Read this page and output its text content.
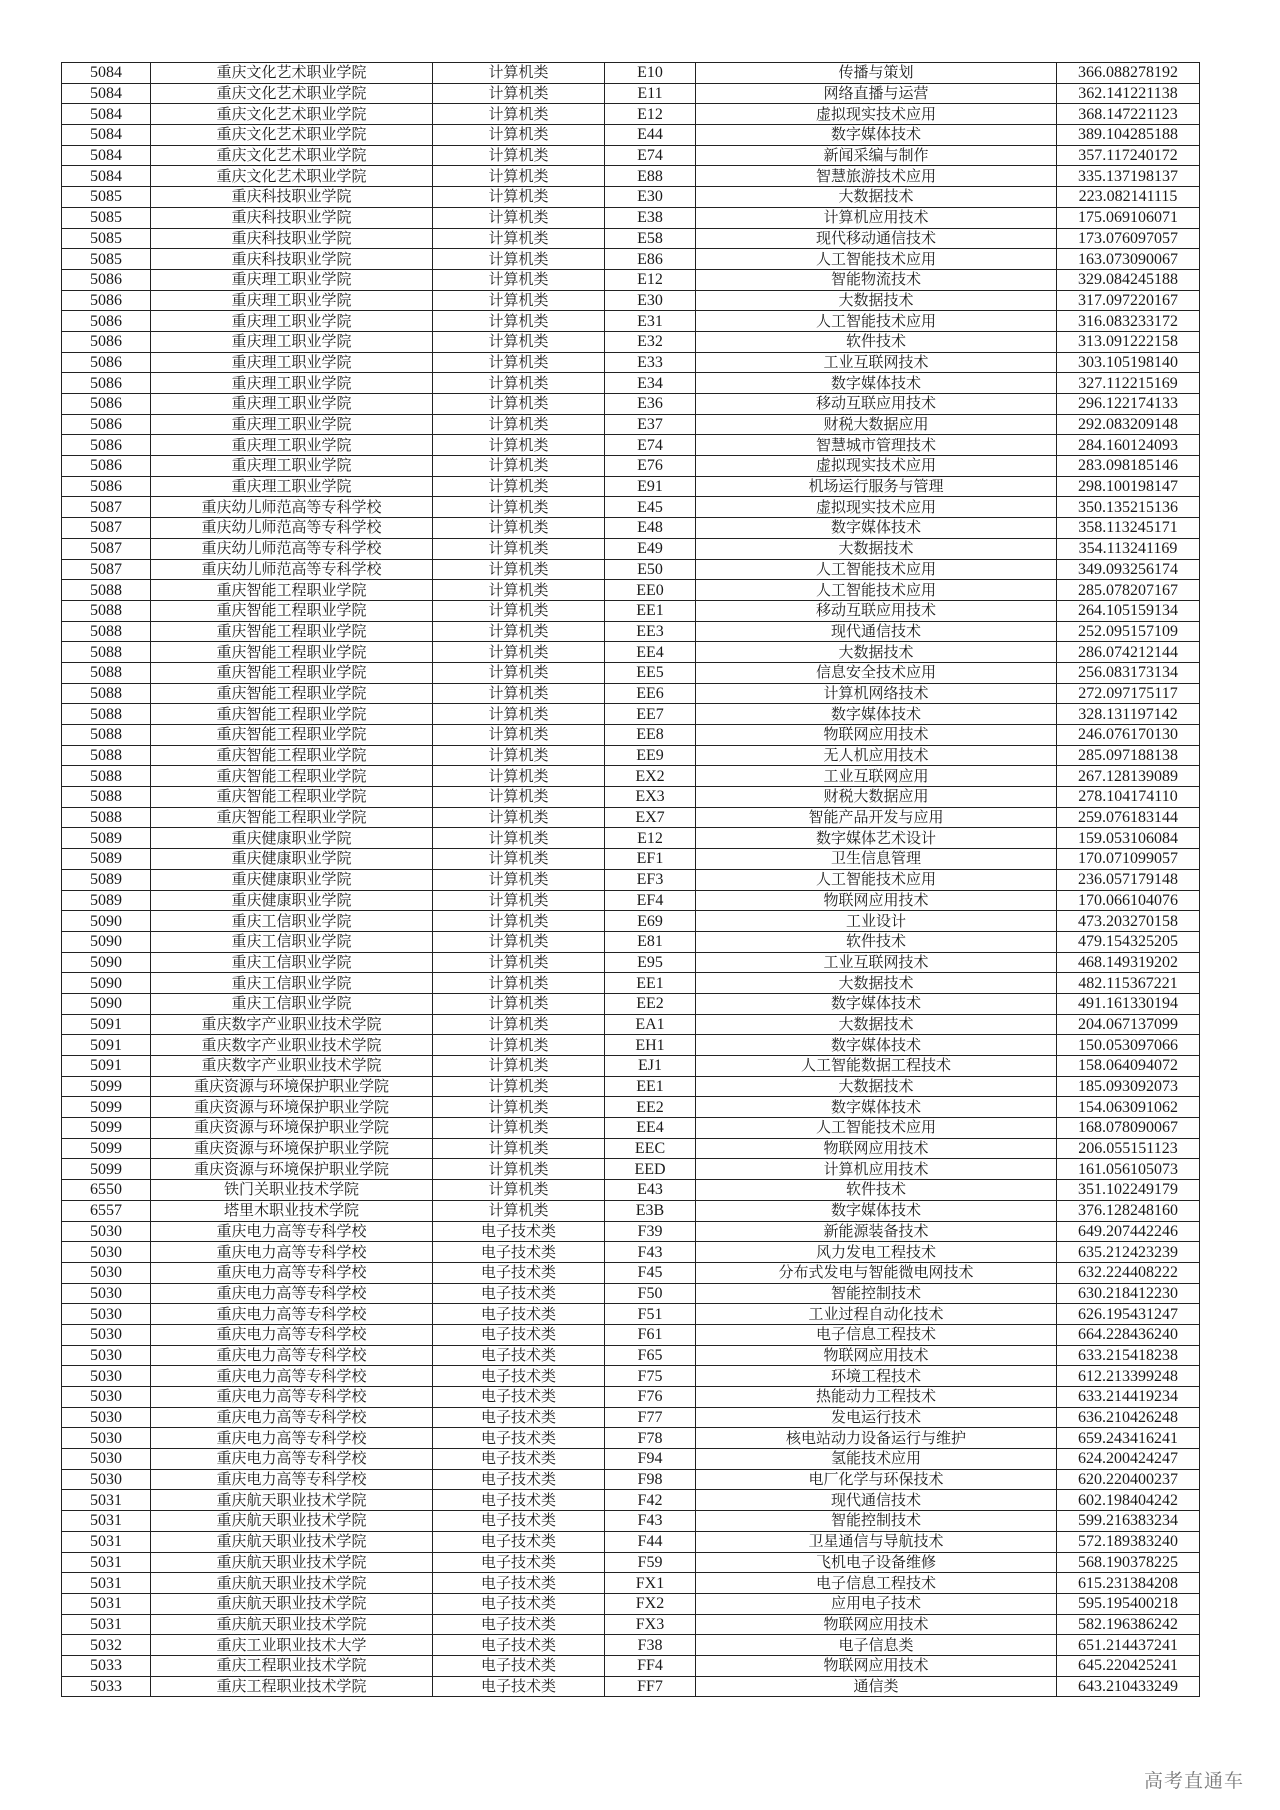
5084	重庆文化艺术职业学院	计算机类	E10	传播与策划	366.088278192
5084	重庆文化艺术职业学院	计算机类	E11	网络直播与运营	362.141221138
5084	重庆文化艺术职业学院	计算机类	E12	虚拟现实技术应用	368.147221123
5084	重庆文化艺术职业学院	计算机类	E44	数字媒体技术	389.104285188
5084	重庆文化艺术职业学院	计算机类	E74	新闻采编与制作	357.117240172
5084	重庆文化艺术职业学院	计算机类	E88	智慧旅游技术应用	335.137198137
5085	重庆科技职业学院	计算机类	E30	大数据技术	223.082141115
5085	重庆科技职业学院	计算机类	E38	计算机应用技术	175.069106071
5085	重庆科技职业学院	计算机类	E58	现代移动通信技术	173.076097057
5085	重庆科技职业学院	计算机类	E86	人工智能技术应用	163.073090067
5086	重庆理工职业学院	计算机类	E12	智能物流技术	329.084245188
5086	重庆理工职业学院	计算机类	E30	大数据技术	317.097220167
5086	重庆理工职业学院	计算机类	E31	人工智能技术应用	316.083233172
5086	重庆理工职业学院	计算机类	E32	软件技术	313.091222158
5086	重庆理工职业学院	计算机类	E33	工业互联网技术	303.105198140
5086	重庆理工职业学院	计算机类	E34	数字媒体技术	327.112215169
5086	重庆理工职业学院	计算机类	E36	移动互联应用技术	296.122174133
5086	重庆理工职业学院	计算机类	E37	财税大数据应用	292.083209148
5086	重庆理工职业学院	计算机类	E74	智慧城市管理技术	284.160124093
5086	重庆理工职业学院	计算机类	E76	虚拟现实技术应用	283.098185146
5086	重庆理工职业学院	计算机类	E91	机场运行服务与管理	298.100198147
5087	重庆幼儿师范高等专科学校	计算机类	E45	虚拟现实技术应用	350.135215136
5087	重庆幼儿师范高等专科学校	计算机类	E48	数字媒体技术	358.113245171
5087	重庆幼儿师范高等专科学校	计算机类	E49	大数据技术	354.113241169
5087	重庆幼儿师范高等专科学校	计算机类	E50	人工智能技术应用	349.093256174
5088	重庆智能工程职业学院	计算机类	EE0	人工智能技术应用	285.078207167
5088	重庆智能工程职业学院	计算机类	EE1	移动互联应用技术	264.105159134
5088	重庆智能工程职业学院	计算机类	EE3	现代通信技术	252.095157109
5088	重庆智能工程职业学院	计算机类	EE4	大数据技术	286.074212144
5088	重庆智能工程职业学院	计算机类	EE5	信息安全技术应用	256.083173134
5088	重庆智能工程职业学院	计算机类	EE6	计算机网络技术	272.097175117
5088	重庆智能工程职业学院	计算机类	EE7	数字媒体技术	328.131197142
5088	重庆智能工程职业学院	计算机类	EE8	物联网应用技术	246.076170130
5088	重庆智能工程职业学院	计算机类	EE9	无人机应用技术	285.097188138
5088	重庆智能工程职业学院	计算机类	EX2	工业互联网应用	267.128139089
5088	重庆智能工程职业学院	计算机类	EX3	财税大数据应用	278.104174110
5088	重庆智能工程职业学院	计算机类	EX7	智能产品开发与应用	259.076183144
5089	重庆健康职业学院	计算机类	E12	数字媒体艺术设计	159.053106084
5089	重庆健康职业学院	计算机类	EF1	卫生信息管理	170.071099057
5089	重庆健康职业学院	计算机类	EF3	人工智能技术应用	236.057179148
5089	重庆健康职业学院	计算机类	EF4	物联网应用技术	170.066104076
5090	重庆工信职业学院	计算机类	E69	工业设计	473.203270158
5090	重庆工信职业学院	计算机类	E81	软件技术	479.154325205
5090	重庆工信职业学院	计算机类	E95	工业互联网技术	468.149319202
5090	重庆工信职业学院	计算机类	EE1	大数据技术	482.115367221
5090	重庆工信职业学院	计算机类	EE2	数字媒体技术	491.161330194
5091	重庆数字产业职业技术学院	计算机类	EA1	大数据技术	204.067137099
5091	重庆数字产业职业技术学院	计算机类	EH1	数字媒体技术	150.053097066
5091	重庆数字产业职业技术学院	计算机类	EJ1	人工智能数据工程技术	158.064094072
5099	重庆资源与环境保护职业学院	计算机类	EE1	大数据技术	185.093092073
5099	重庆资源与环境保护职业学院	计算机类	EE2	数字媒体技术	154.063091062
5099	重庆资源与环境保护职业学院	计算机类	EE4	人工智能技术应用	168.078090067
5099	重庆资源与环境保护职业学院	计算机类	EEC	物联网应用技术	206.055151123
5099	重庆资源与环境保护职业学院	计算机类	EED	计算机应用技术	161.056105073
6550	铁门关职业技术学院	计算机类	E43	软件技术	351.102249179
6557	塔里木职业技术学院	计算机类	E3B	数字媒体技术	376.128248160
5030	重庆电力高等专科学校	电子技术类	F39	新能源装备技术	649.207442246
5030	重庆电力高等专科学校	电子技术类	F43	风力发电工程技术	635.212423239
5030	重庆电力高等专科学校	电子技术类	F45	分布式发电与智能微电网技术	632.224408222
5030	重庆电力高等专科学校	电子技术类	F50	智能控制技术	630.218412230
5030	重庆电力高等专科学校	电子技术类	F51	工业过程自动化技术	626.195431247
5030	重庆电力高等专科学校	电子技术类	F61	电子信息工程技术	664.228436240
5030	重庆电力高等专科学校	电子技术类	F65	物联网应用技术	633.215418238
5030	重庆电力高等专科学校	电子技术类	F75	环境工程技术	612.213399248
5030	重庆电力高等专科学校	电子技术类	F76	热能动力工程技术	633.214419234
5030	重庆电力高等专科学校	电子技术类	F77	发电运行技术	636.210426248
5030	重庆电力高等专科学校	电子技术类	F78	核电站动力设备运行与维护	659.243416241
5030	重庆电力高等专科学校	电子技术类	F94	氢能技术应用	624.200424247
5030	重庆电力高等专科学校	电子技术类	F98	电厂化学与环保技术	620.220400237
5031	重庆航天职业技术学院	电子技术类	F42	现代通信技术	602.198404242
5031	重庆航天职业技术学院	电子技术类	F43	智能控制技术	599.216383234
5031	重庆航天职业技术学院	电子技术类	F44	卫星通信与导航技术	572.189383240
5031	重庆航天职业技术学院	电子技术类	F59	飞机电子设备维修	568.190378225
5031	重庆航天职业技术学院	电子技术类	FX1	电子信息工程技术	615.231384208
5031	重庆航天职业技术学院	电子技术类	FX2	应用电子技术	595.195400218
5031	重庆航天职业技术学院	电子技术类	FX3	物联网应用技术	582.196386242
5032	重庆工业职业技术大学	电子技术类	F38	电子信息类	651.214437241
5033	重庆工程职业技术学院	电子技术类	FF4	物联网应用技术	645.220425241
5033	重庆工程职业技术学院	电子技术类	FF7	通信类	643.210433249
高考直通车
